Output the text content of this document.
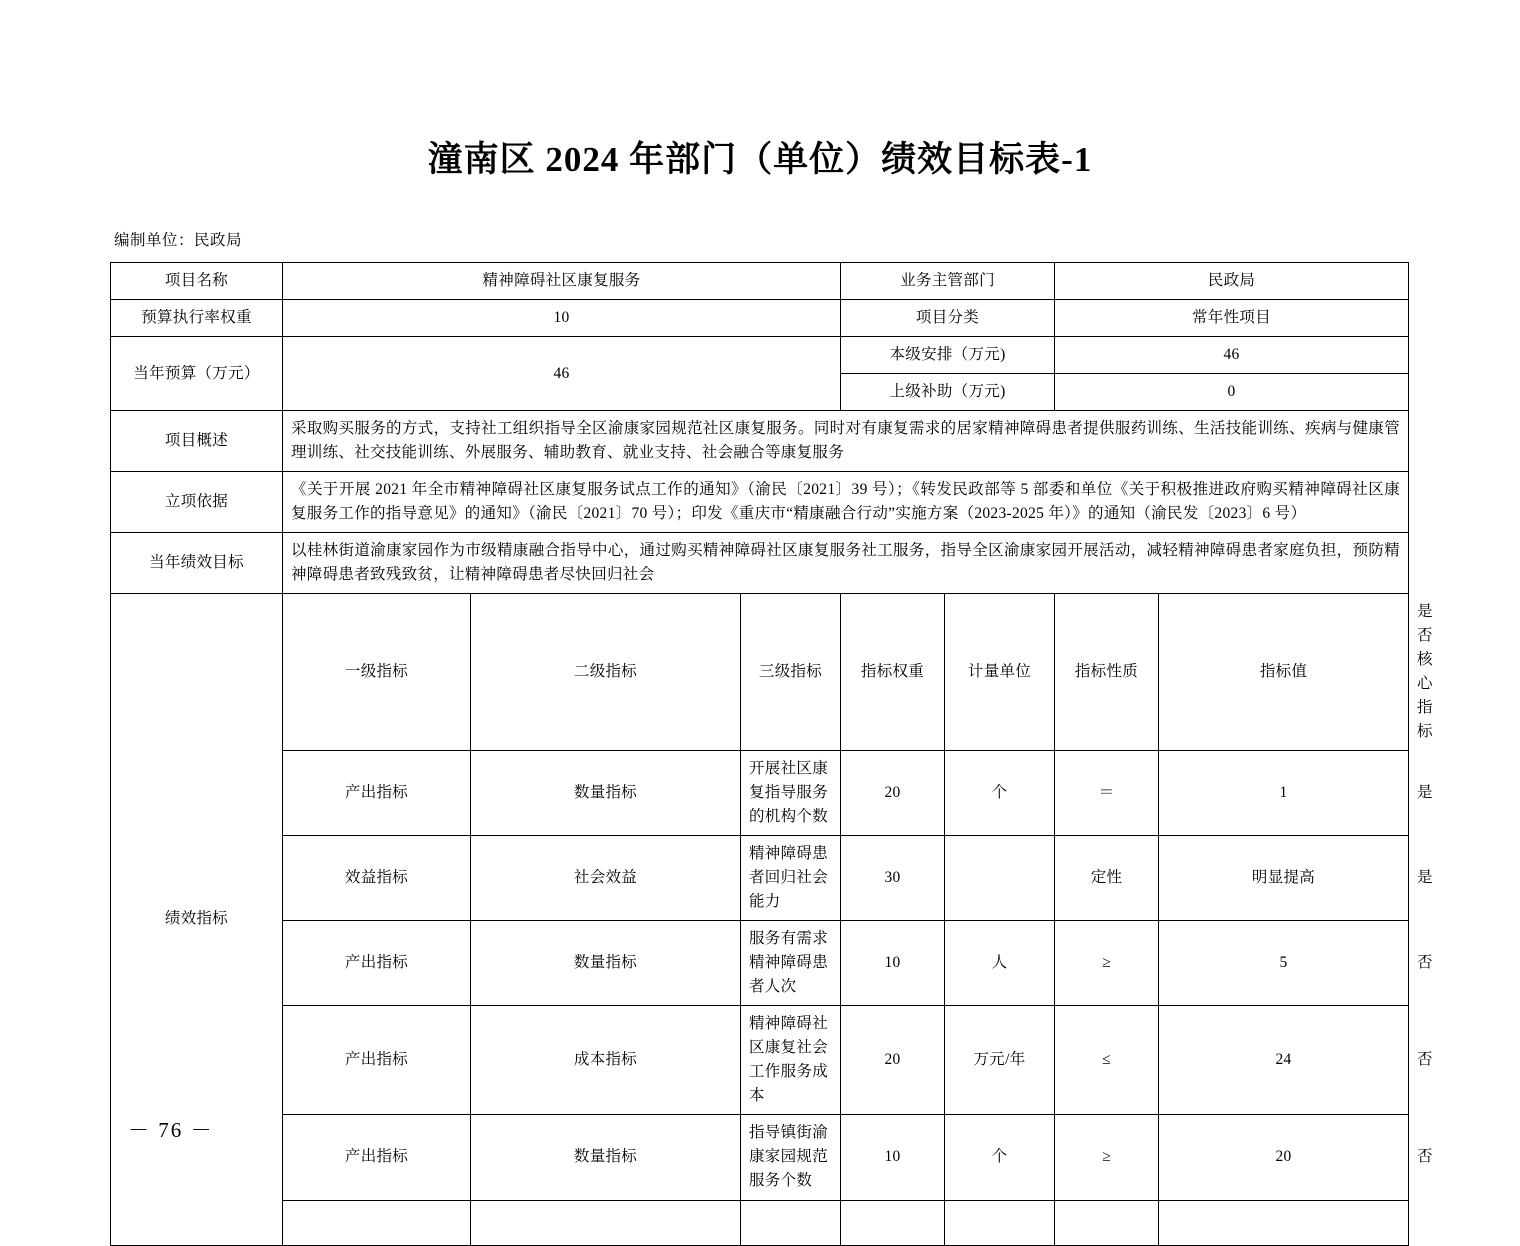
潼南区 2024 年部门（单位）绩效目标表-1
编制单位：民政局
项目名称	精神障碍社区康复服务			业务主管部门		民政局		
预算执行率权重	10			项目分类		常年性项目		
当年预算（万元）	46			本级安排（万元)		46		
				上级补助（万元)		0		
项目概述	采取购买服务的方式，支持社工组织指导全区渝康家园规范社区康复服务。同时对有康复需求的居家精神障碍患者提供服药训练、生活技能训练、疾病与健康管理训练、社交技能训练、外展服务、辅助教育、就业支持、社会融合等康复服务							
立项依据	《关于开展 2021 年全市精神障碍社区康复服务试点工作的通知》（渝民〔2021〕39 号）；《转发民政部等 5 部委和单位《关于积极推进政府购买精神障碍社区康复服务工作的指导意见》的通知》（渝民〔2021〕70 号）；印发《重庆市“精康融合行动”实施方案（2023-2025 年）》的通知（渝民发〔2023〕6 号）							
当年绩效目标	以桂林街道渝康家园作为市级精康融合指导中心，通过购买精神障碍社区康复服务社工服务，指导全区渝康家园开展活动，减轻精神障碍患者家庭负担，预防精神障碍患者致残致贫，让精神障碍患者尽快回归社会							
绩效指标	一级指标	二级指标	三级指标	指标权重	计量单位	指标性质	指标值	是否核心指标
	产出指标	数量指标	开展社区康复指导服务的机构个数	20	个	＝	1	是
	效益指标	社会效益	精神障碍患者回归社会能力	30		定性	明显提高	是
	产出指标	数量指标	服务有需求精神障碍患者人次	10	人	≥	5	否
	产出指标	成本指标	精神障碍社区康复社会工作服务成本	20	万元/年	≤	24	否
	产出指标	数量指标	指导镇街渝康家园规范服务个数	10	个	≥	20	否

－ 76 －
